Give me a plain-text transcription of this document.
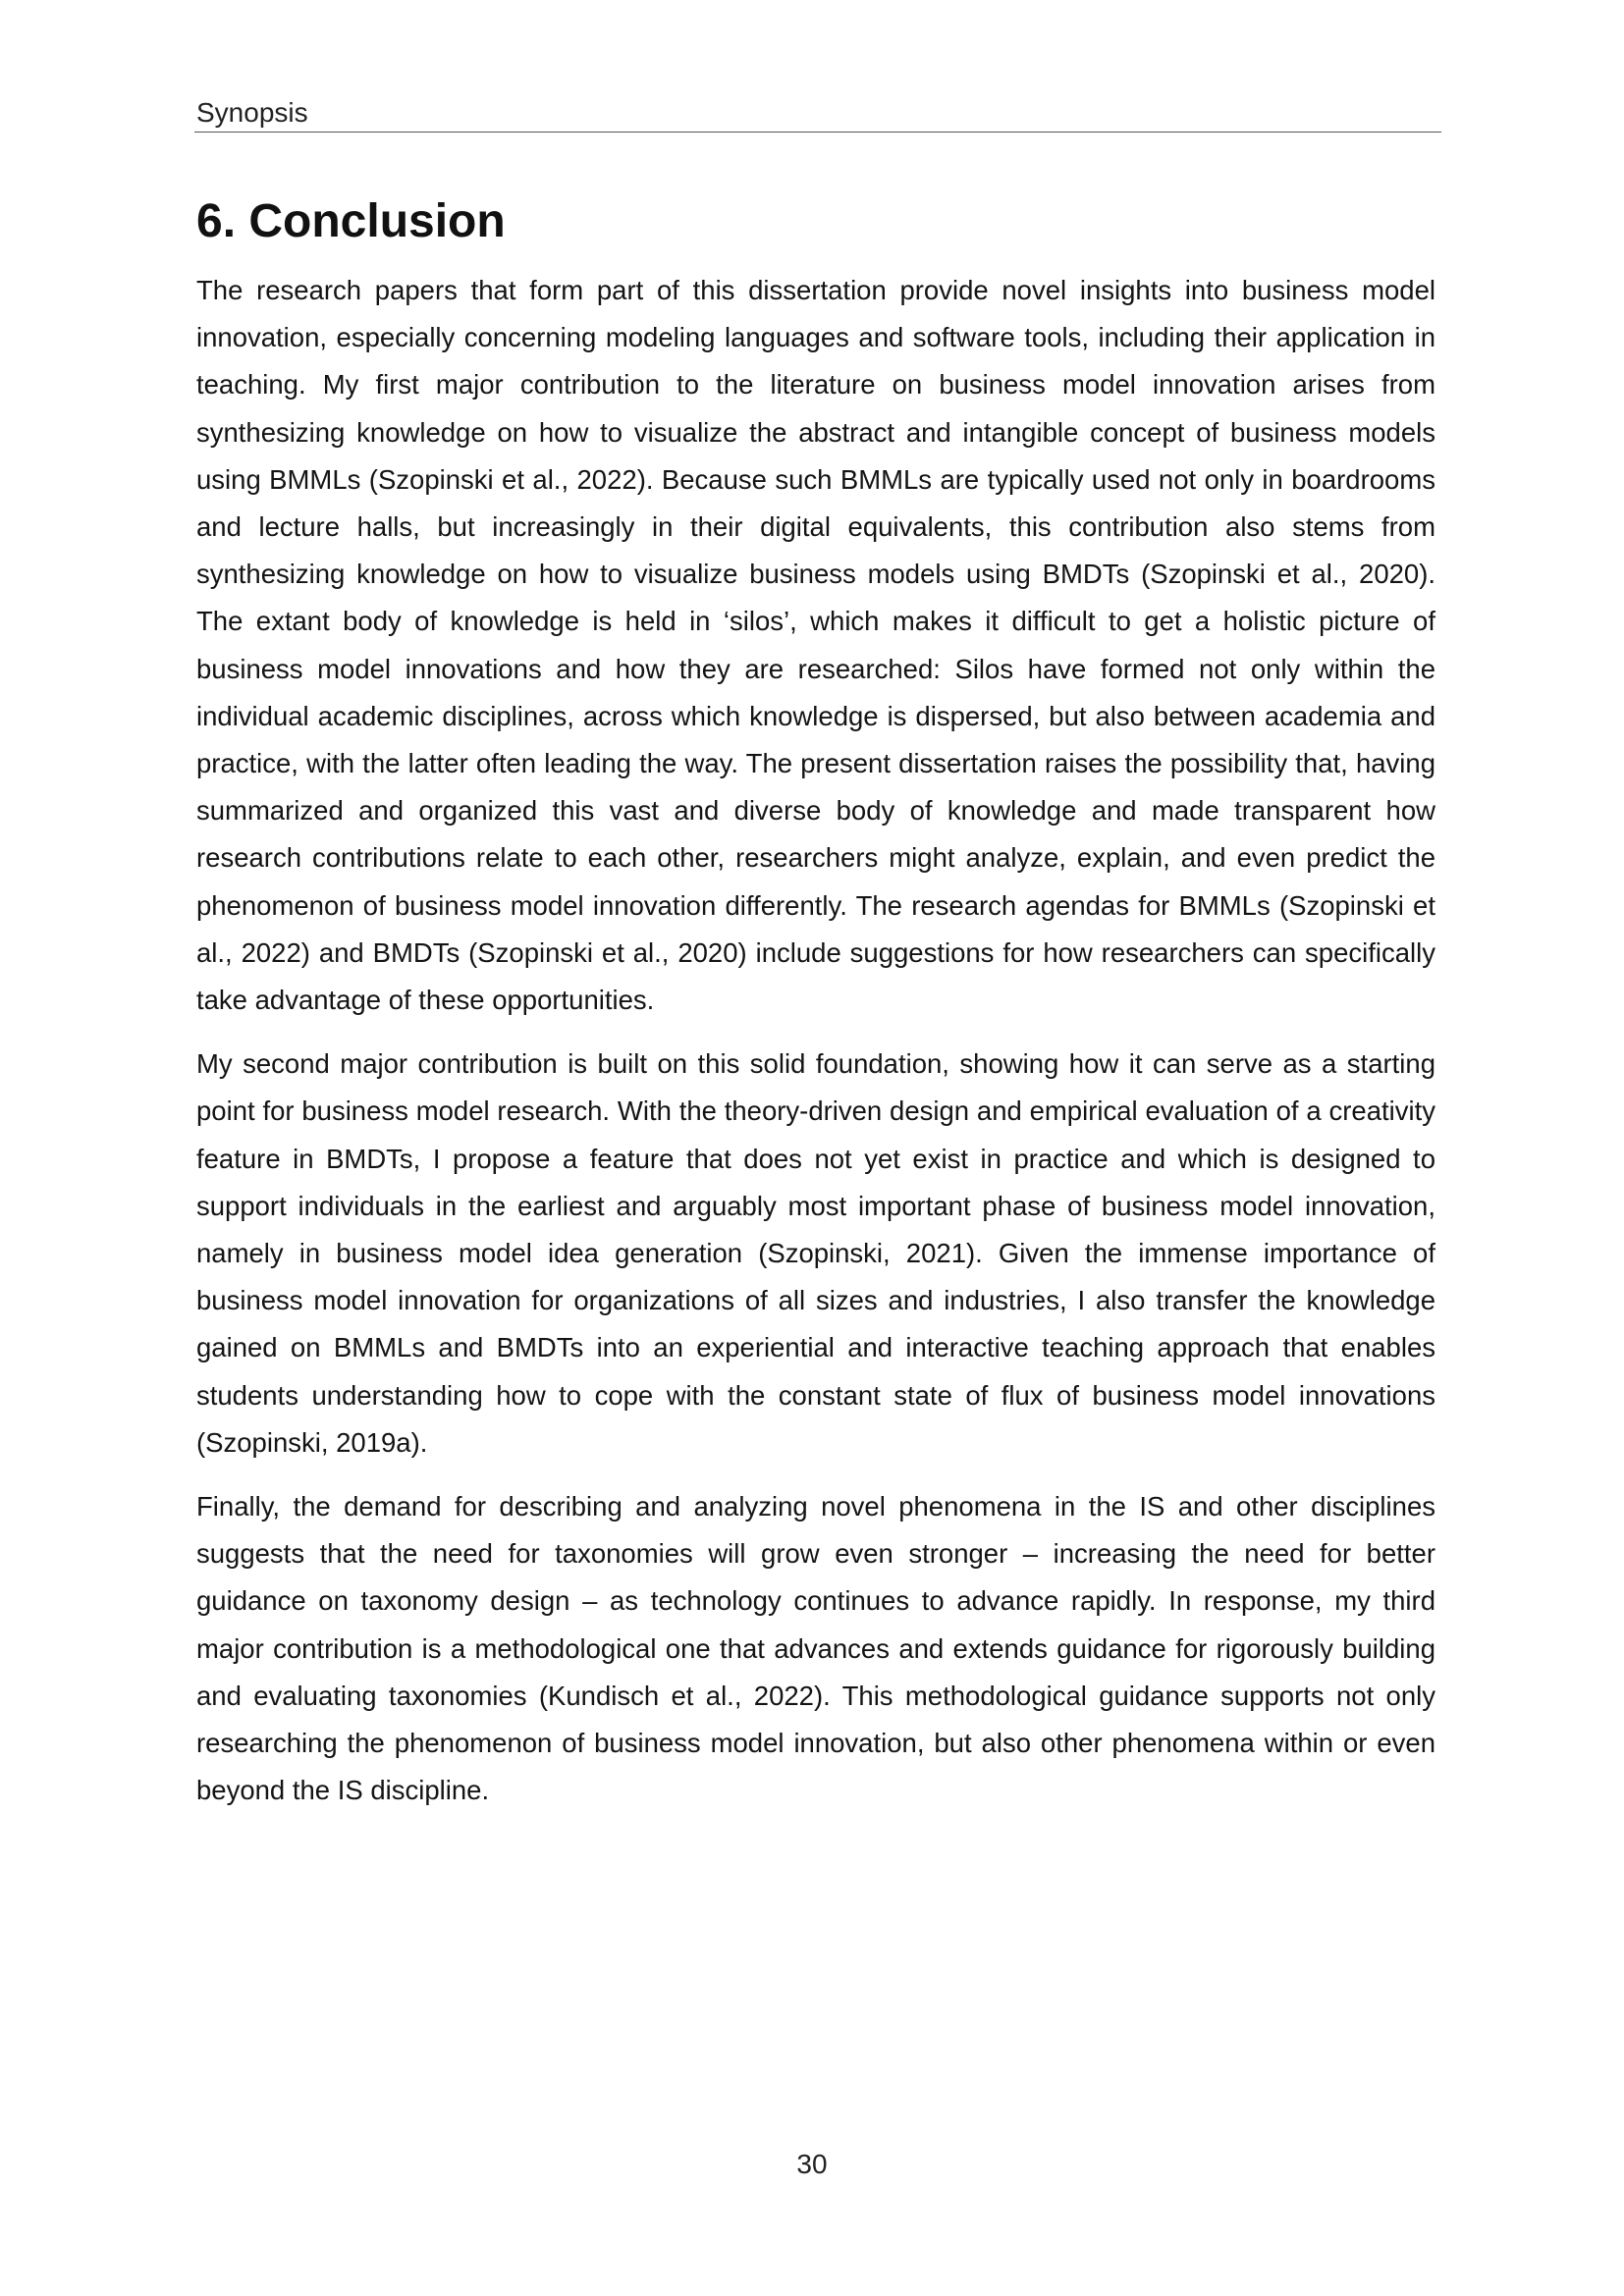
Synopsis
6. Conclusion

The research papers that form part of this dissertation provide novel insights into business model innovation, especially concerning modeling languages and software tools, including their application in teaching. My first major contribution to the literature on business model innovation arises from synthesizing knowledge on how to visualize the abstract and intangible concept of business models using BMMLs (Szopinski et al., 2022). Because such BMMLs are typically used not only in boardrooms and lecture halls, but increasingly in their digital equivalents, this contribution also stems from synthesizing knowledge on how to visualize business models using BMDTs (Szopinski et al., 2020). The extant body of knowledge is held in ‘silos’, which makes it difficult to get a holistic picture of business model innovations and how they are researched: Silos have formed not only within the individual academic disciplines, across which knowledge is dispersed, but also between academia and practice, with the latter often leading the way. The present dissertation raises the possibility that, having summarized and organized this vast and diverse body of knowledge and made transparent how research contributions relate to each other, researchers might analyze, explain, and even predict the phenomenon of business model innovation differently. The research agendas for BMMLs (Szopinski et al., 2022) and BMDTs (Szopinski et al., 2020) include suggestions for how researchers can specifically take advantage of these opportunities.

My second major contribution is built on this solid foundation, showing how it can serve as a starting point for business model research. With the theory-driven design and empirical evaluation of a creativity feature in BMDTs, I propose a feature that does not yet exist in practice and which is designed to support individuals in the earliest and arguably most important phase of business model innovation, namely in business model idea generation (Szopinski, 2021). Given the immense importance of business model innovation for organizations of all sizes and industries, I also transfer the knowledge gained on BMMLs and BMDTs into an experiential and interactive teaching approach that enables students understanding how to cope with the constant state of flux of business model innovations (Szopinski, 2019a).

Finally, the demand for describing and analyzing novel phenomena in the IS and other disciplines suggests that the need for taxonomies will grow even stronger – increasing the need for better guidance on taxonomy design – as technology continues to advance rapidly. In response, my third major contribution is a methodological one that advances and extends guidance for rigorously building and evaluating taxonomies (Kundisch et al., 2022). This methodological guidance supports not only researching the phenomenon of business model innovation, but also other phenomena within or even beyond the IS discipline.

30
